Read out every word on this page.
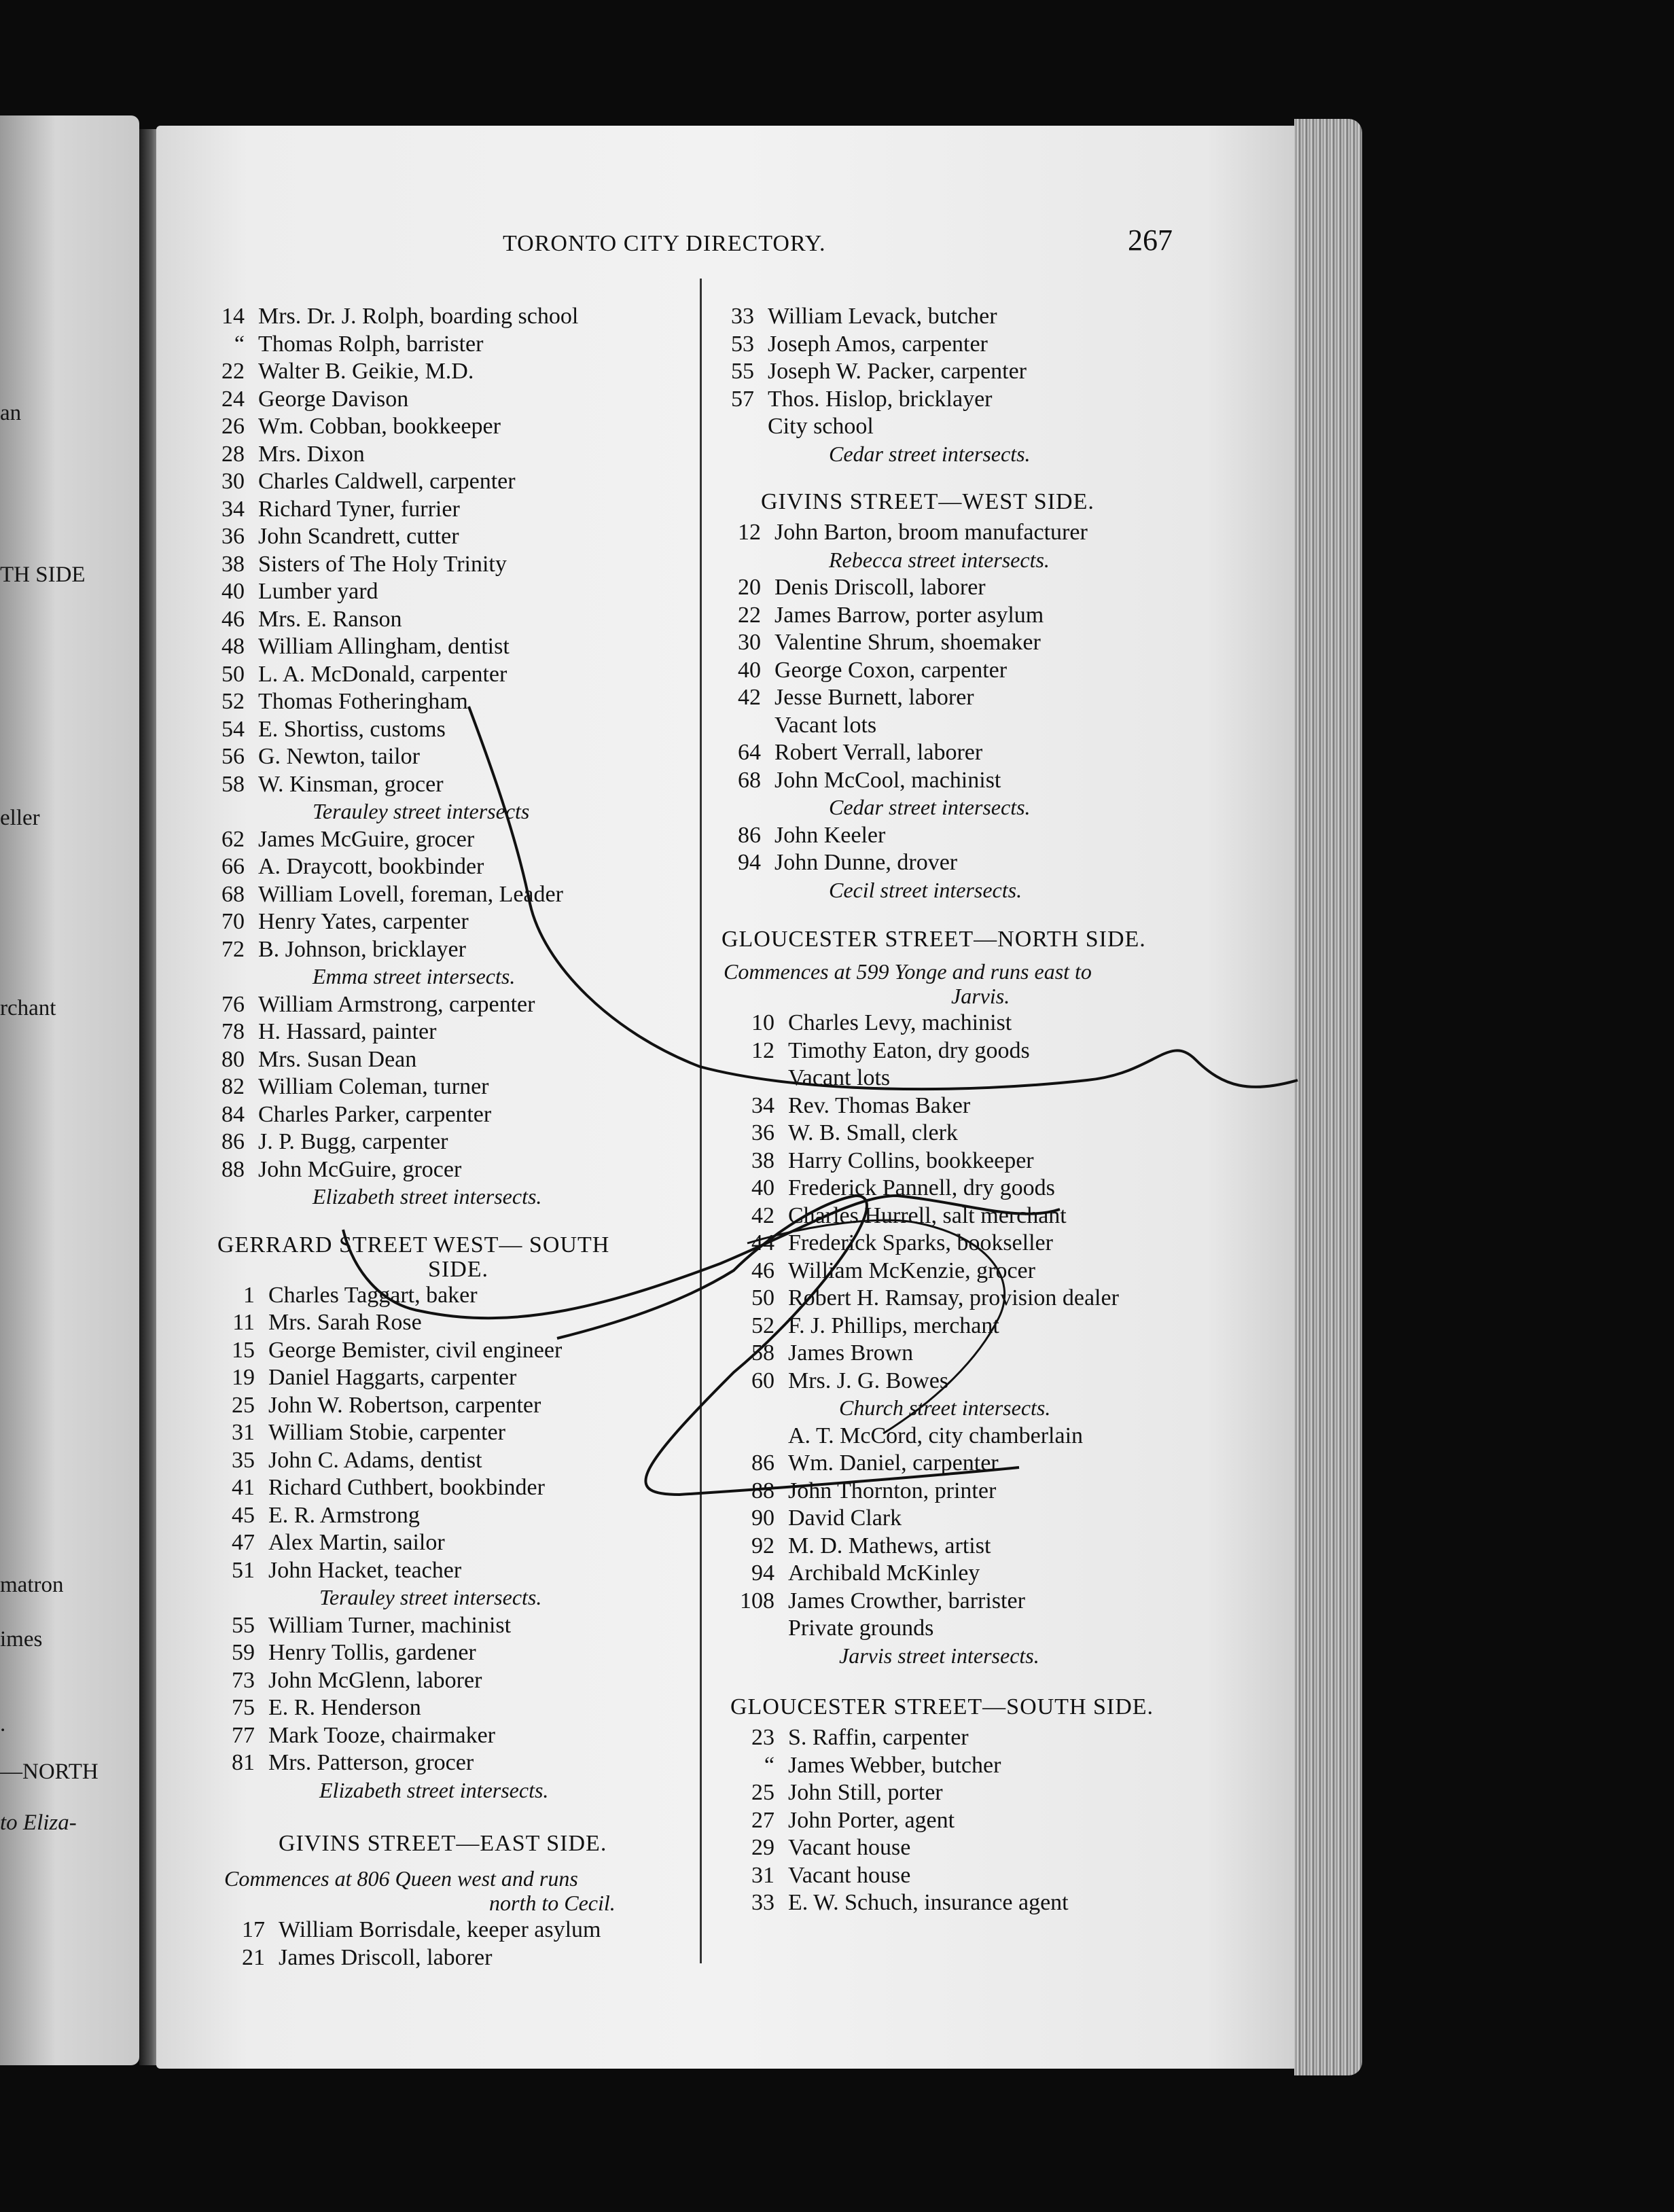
an
TH SIDE
eller
rchant
matron
imes
.
—NORTH
to Eliza-
TORONTO CITY DIRECTORY.	267
14 Mrs. Dr. J. Rolph, boarding school
“ Thomas Rolph, barrister
22 Walter B. Geikie, M.D.
24 George Davison
26 Wm. Cobban, bookkeeper
28 Mrs. Dixon
30 Charles Caldwell, carpenter
34 Richard Tyner, furrier
36 John Scandrett, cutter
38 Sisters of The Holy Trinity
40 Lumber yard
46 Mrs. E. Ranson
48 William Allingham, dentist
50 L. A. McDonald, carpenter
52 Thomas Fotheringham
54 E. Shortiss, customs
56 G. Newton, tailor
58 W. Kinsman, grocer
Terauley street intersects
62 James McGuire, grocer
66 A. Draycott, bookbinder
68 William Lovell, foreman, Leader
70 Henry Yates, carpenter
72 B. Johnson, bricklayer
Emma street intersects.
76 William Armstrong, carpenter
78 H. Hassard, painter
80 Mrs. Susan Dean
82 William Coleman, turner
84 Charles Parker, carpenter
86 J. P. Bugg, carpenter
88 John McGuire, grocer
Elizabeth street intersects.
GERRARD STREET WEST— SOUTH
SIDE.
1 Charles Taggart, baker
11 Mrs. Sarah Rose
15 George Bemister, civil engineer
19 Daniel Haggarts, carpenter
25 John W. Robertson, carpenter
31 William Stobie, carpenter
35 John C. Adams, dentist
41 Richard Cuthbert, bookbinder
45 E. R. Armstrong
47 Alex Martin, sailor
51 John Hacket, teacher
Terauley street intersects.
55 William Turner, machinist
59 Henry Tollis, gardener
73 John McGlenn, laborer
75 E. R. Henderson
77 Mark Tooze, chairmaker
81 Mrs. Patterson, grocer
Elizabeth street intersects.
GIVINS STREET—EAST SIDE.
Commences at 806 Queen west and runs
north to Cecil.
17 William Borrisdale, keeper asylum
21 James Driscoll, laborer
33 William Levack, butcher
53 Joseph Amos, carpenter
55 Joseph W. Packer, carpenter
57 Thos. Hislop, bricklayer
City school
Cedar street intersects.
GIVINS STREET—WEST SIDE.
12 John Barton, broom manufacturer
Rebecca street intersects.
20 Denis Driscoll, laborer
22 James Barrow, porter asylum
30 Valentine Shrum, shoemaker
40 George Coxon, carpenter
42 Jesse Burnett, laborer
Vacant lots
64 Robert Verrall, laborer
68 John McCool, machinist
Cedar street intersects.
86 John Keeler
94 John Dunne, drover
Cecil street intersects.
GLOUCESTER STREET—NORTH SIDE.
Commences at 599 Yonge and runs east to
Jarvis.
10 Charles Levy, machinist
12 Timothy Eaton, dry goods
Vacant lots
34 Rev. Thomas Baker
36 W. B. Small, clerk
38 Harry Collins, bookkeeper
40 Frederick Pannell, dry goods
42 Charles Hurrell, salt merchant
44 Frederick Sparks, bookseller
46 William McKenzie, grocer
50 Robert H. Ramsay, provision dealer
52 F. J. Phillips, merchant
58 James Brown
60 Mrs. J. G. Bowes
Church street intersects.
A. T. McCord, city chamberlain
86 Wm. Daniel, carpenter
88 John Thornton, printer
90 David Clark
92 M. D. Mathews, artist
94 Archibald McKinley
108 James Crowther, barrister
Private grounds
Jarvis street intersects.
GLOUCESTER STREET—SOUTH SIDE.
23 S. Raffin, carpenter
“ James Webber, butcher
25 John Still, porter
27 John Porter, agent
29 Vacant house
31 Vacant house
33 E. W. Schuch, insurance agent
